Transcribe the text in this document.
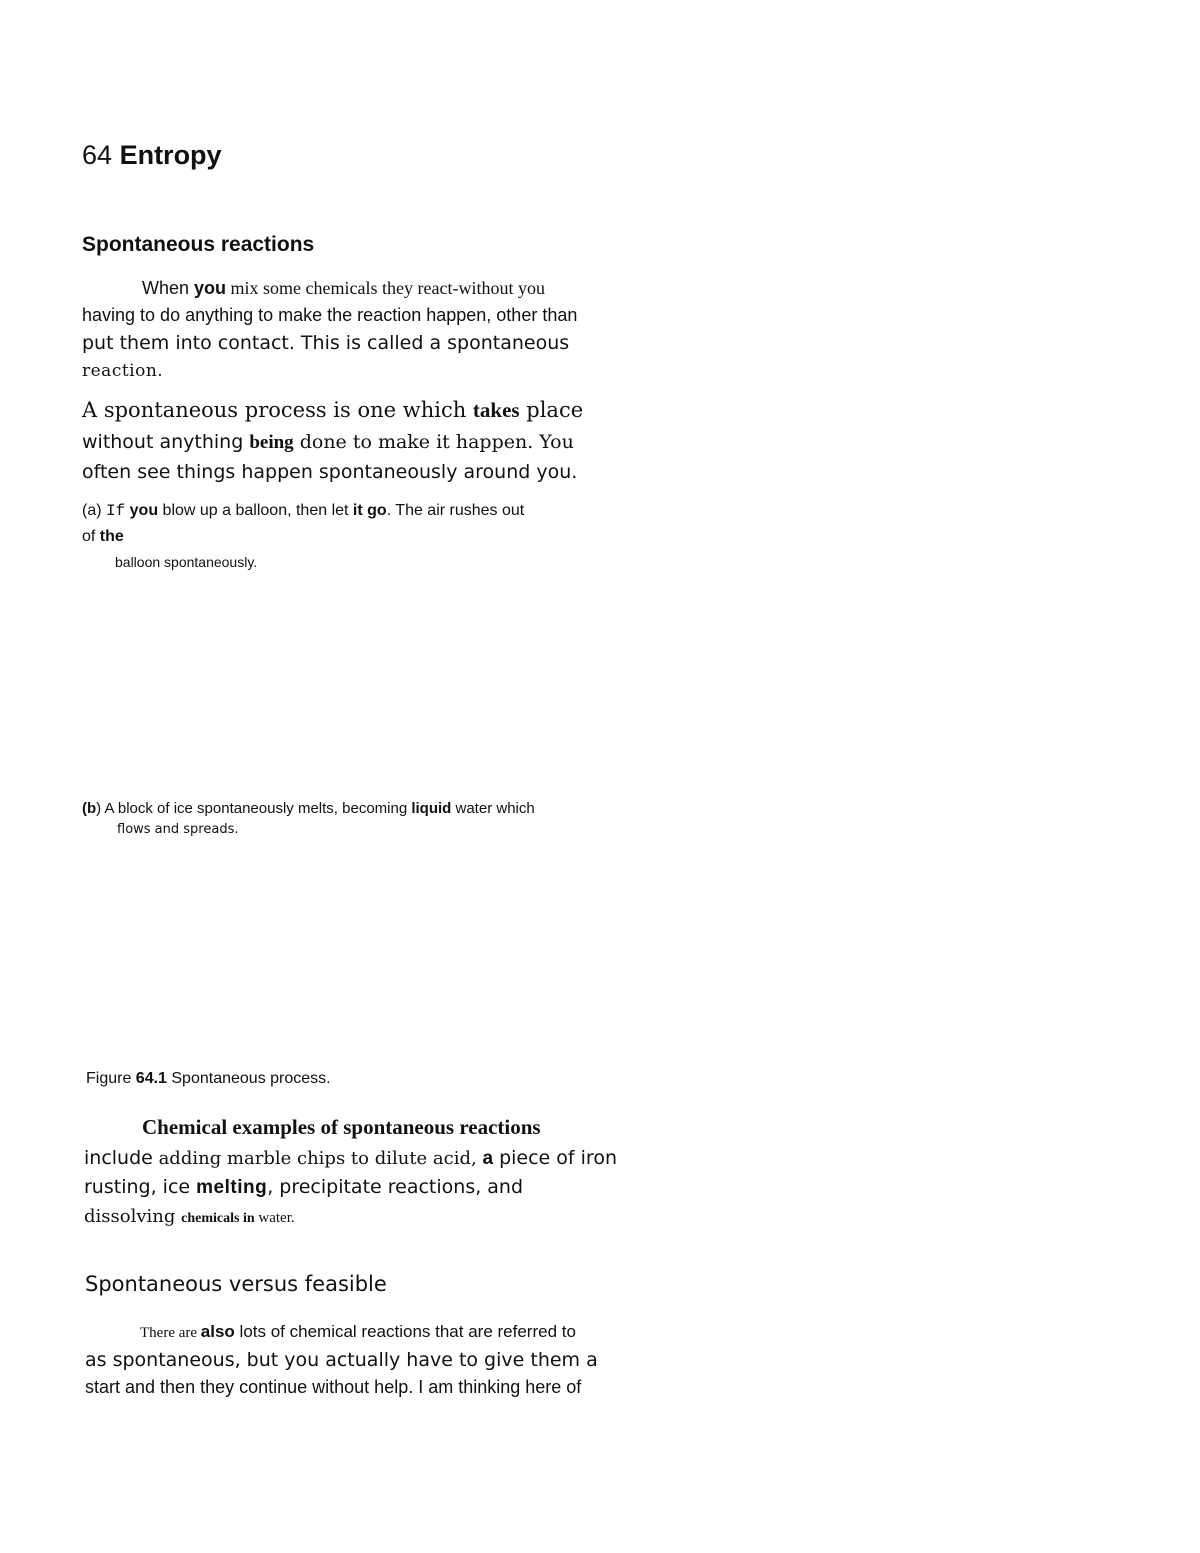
64 Entropy
Spontaneous reactions

When you mix some chemicals they react-without you

having to do anything to make the reaction happen, other than

put them into contact. This is called a spontaneous

reaction.

A spontaneous process is one which takes place

without anything being done to make it happen. You

often see things happen spontaneously around you.

(a) If you blow up a balloon, then let it go. The air rushes out

of the

balloon spontaneously.

(b) A block of ice spontaneously melts, becoming liquid water which

flows and spreads.

Figure 64.1 Spontaneous process.

Chemical examples of spontaneous reactions

include adding marble chips to dilute acid, a piece of iron

rusting, ice melting, precipitate reactions, and

dissolving chemicals in water.

Spontaneous versus feasible

There are also lots of chemical reactions that are referred to

as spontaneous, but you actually have to give them a

start and then they continue without help. I am thinking here of
